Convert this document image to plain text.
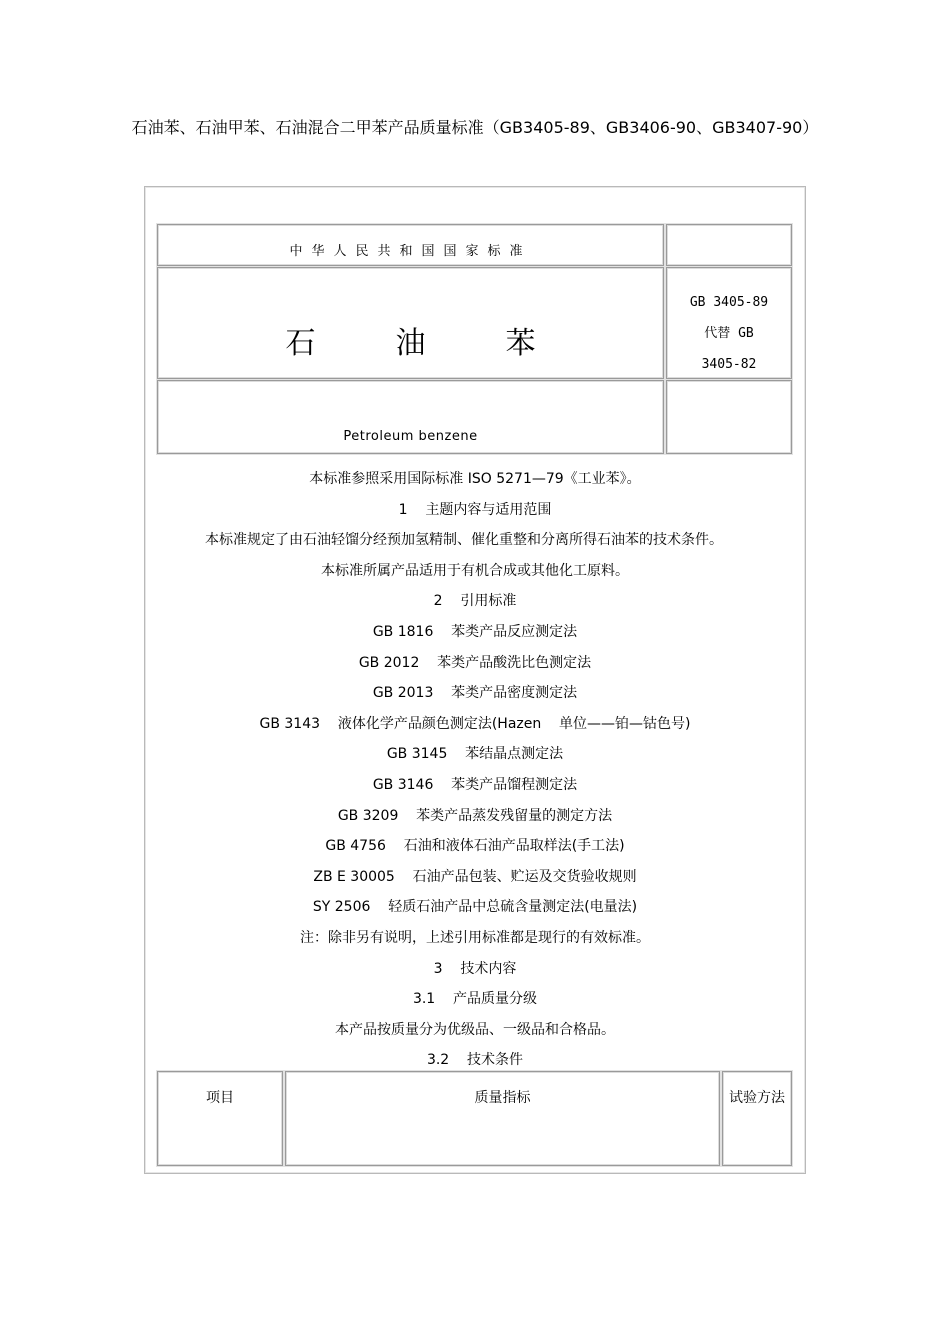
石油苯、石油甲苯、石油混合二甲苯产品质量标准（GB3405-89、GB3406-90、GB3407-90）
中华人民共和国国家标准
石油苯
GB 3405-89
代替 GB
3405-82
Petroleum benzene
本标准参照采用国际标准 ISO 5271—79《工业苯》。
1    主题内容与适用范围
本标准规定了由石油轻馏分经预加氢精制、催化重整和分离所得石油苯的技术条件。
本标准所属产品适用于有机合成或其他化工原料。
2    引用标准
GB 1816    苯类产品反应测定法
GB 2012    苯类产品酸洗比色测定法
GB 2013    苯类产品密度测定法
GB 3143    液体化学产品颜色测定法(Hazen    单位——铂—钴色号)
GB 3145    苯结晶点测定法
GB 3146    苯类产品馏程测定法
GB 3209    苯类产品蒸发残留量的测定方法
GB 4756    石油和液体石油产品取样法(手工法)
ZB E 30005    石油产品包装、贮运及交货验收规则
SY 2506    轻质石油产品中总硫含量测定法(电量法)
注：除非另有说明，上述引用标准都是现行的有效标准。
3    技术内容
3.1    产品质量分级
本产品按质量分为优级品、一级品和合格品。
3.2    技术条件
项目	质量指标	试验方法
